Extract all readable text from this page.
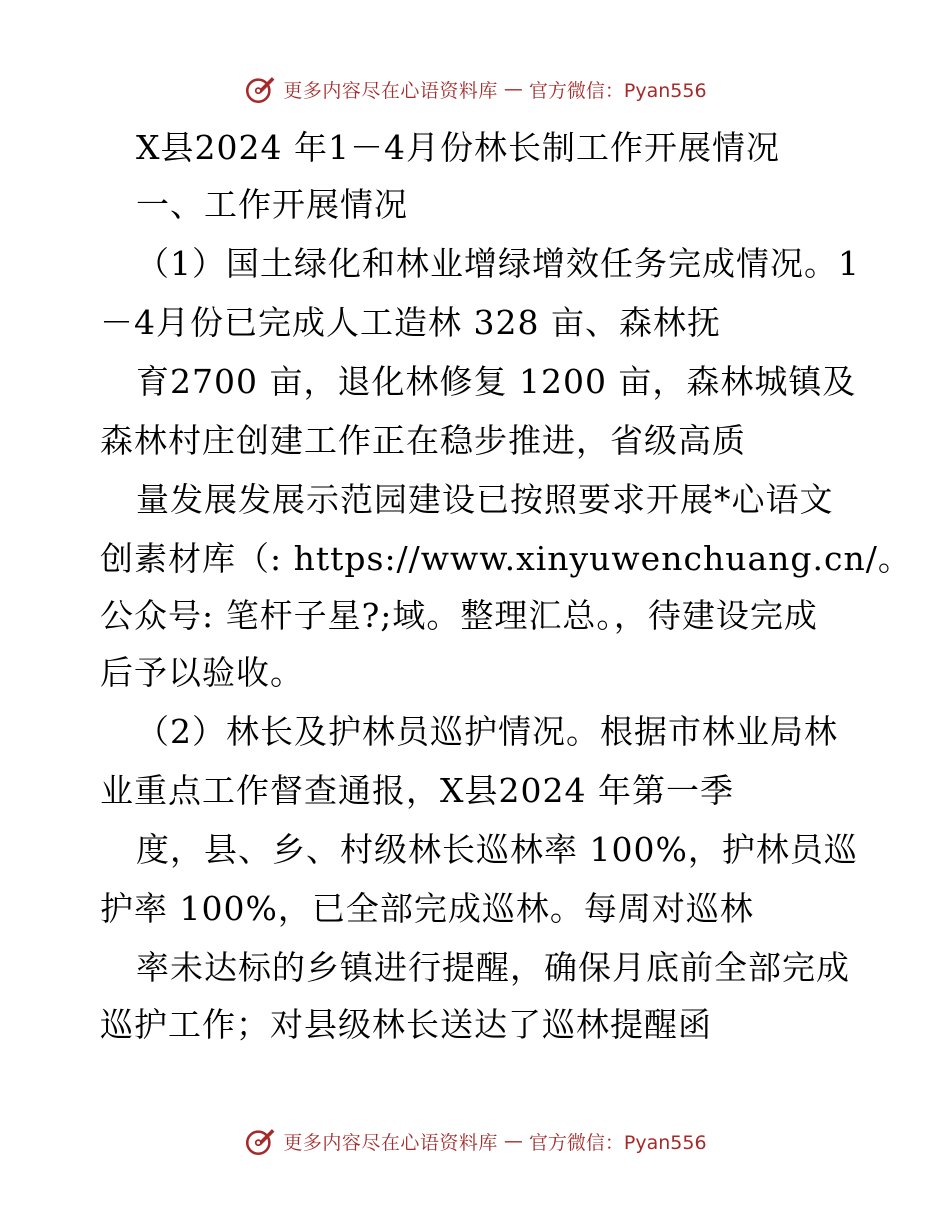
更多内容尽在心语资料库 — 官方微信：Pyan556
X县2024 年1－4月份林长制工作开展情况
一、工作开展情况
（1）国土绿化和林业增绿增效任务完成情况。1
－4月份已完成人工造林 328 亩、森林抚
育2700 亩，退化林修复 1200 亩，森林城镇及
森林村庄创建工作正在稳步推进，省级高质
量发展发展示范园建设已按照要求开展*心语文
创素材库（: https://www.xinyuwenchuang.cn/。
公众号: 笔杆子星?;域。整理汇总。，待建设完成
后予以验收。
（2）林长及护林员巡护情况。根据市林业局林
业重点工作督查通报，X县2024 年第一季
度，县、乡、村级林长巡林率 100%，护林员巡
护率 100%，已全部完成巡林。每周对巡林
率未达标的乡镇进行提醒，确保月底前全部完成
巡护工作；对县级林长送达了巡林提醒函
更多内容尽在心语资料库 — 官方微信：Pyan556
